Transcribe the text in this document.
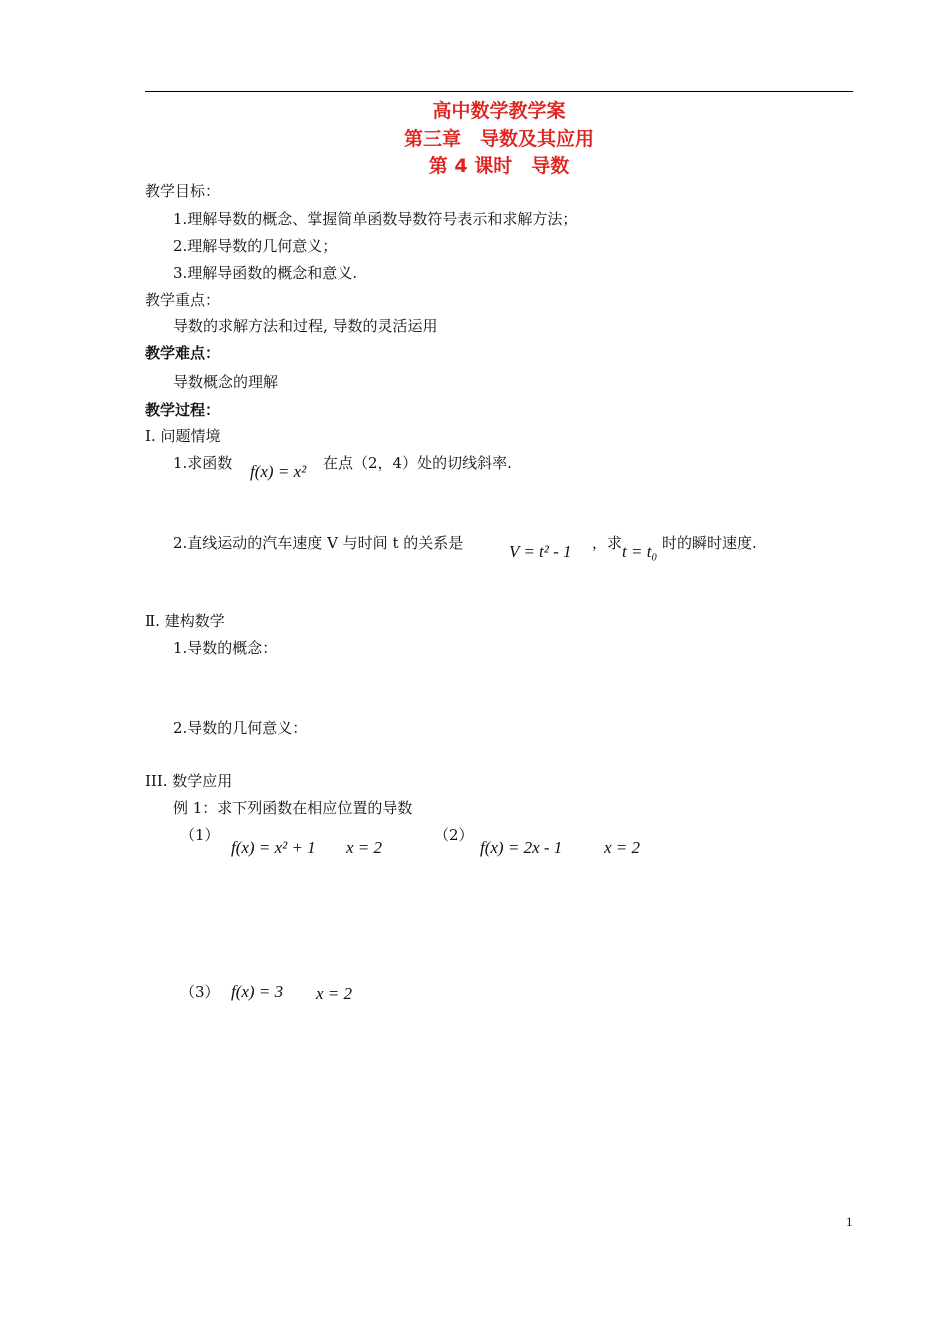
高中数学教学案
第三章　导数及其应用
第 4 课时　导数
教学目标：
1.理解导数的概念、掌握简单函数导数符号表示和求解方法；
2.理解导数的几何意义；
3.理解导函数的概念和意义.
教学重点：
导数的求解方法和过程, 导数的灵活运用
教学难点：
导数概念的理解
教学过程：
Ⅰ. 问题情境
1.求函数 f(x) = x² 在点（2，4）处的切线斜率.
2.直线运动的汽车速度 V 与时间 t 的关系是	V = t² - 1 ，求 t = t₀ 时的瞬时速度.
Ⅱ. 建构数学
1.导数的概念：
2.导数的几何意义：
III. 数学应用
例 1：求下列函数在相应位置的导数
（1）
f(x) = x² + 1 x = 2
（2）
f(x) = 2x - 1 x = 2
（3） f(x) = 3 x = 2
1
